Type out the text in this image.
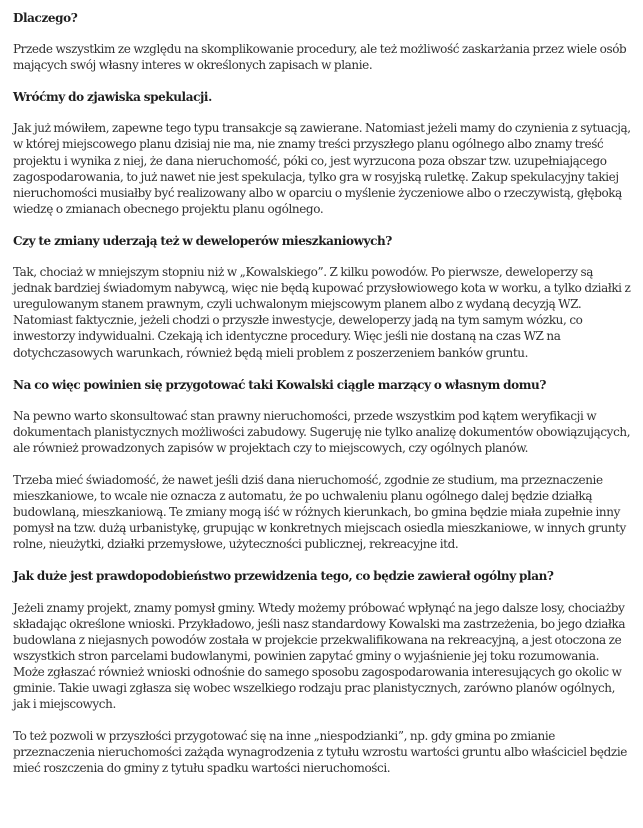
Dlaczego?

Przede wszystkim ze względu na skomplikowanie procedury, ale też możliwość zaskarżania przez wiele osób mających swój własny interes w określonych zapisach w planie.

Wróćmy do zjawiska spekulacji.

Jak już mówiłem, zapewne tego typu transakcje są zawierane. Natomiast jeżeli mamy do czynienia z sytuacją, w której miejscowego planu dzisiaj nie ma, nie znamy treści przyszłego planu ogólnego albo znamy treść projektu i wynika z niej, że dana nieruchomość, póki co, jest wyrzucona poza obszar tzw. uzupełniającego zagospodarowania, to już nawet nie jest spekulacja, tylko gra w rosyjską ruletkę. Zakup spekulacyjny takiej nieruchomości musiałby być realizowany albo w oparciu o myślenie życzeniowe albo o rzeczywistą, głęboką wiedzę o zmianach obecnego projektu planu ogólnego.

Czy te zmiany uderzają też w deweloperów mieszkaniowych?

Tak, chociaż w mniejszym stopniu niż w „Kowalskiego”. Z kilku powodów. Po pierwsze, deweloperzy są jednak bardziej świadomym nabywcą, więc nie będą kupować przysłowiowego kota w worku, a tylko działki z uregulowanym stanem prawnym, czyli uchwalonym miejscowym planem albo z wydaną decyzją WZ. Natomiast faktycznie, jeżeli chodzi o przyszłe inwestycje, deweloperzy jadą na tym samym wózku, co inwestorzy indywidualni. Czekają ich identyczne procedury. Więc jeśli nie dostaną na czas WZ na dotychczasowych warunkach, również będą mieli problem z poszerzeniem banków gruntu.

Na co więc powinien się przygotować taki Kowalski ciągle marzący o własnym domu?

Na pewno warto skonsultować stan prawny nieruchomości, przede wszystkim pod kątem weryfikacji w dokumentach planistycznych możliwości zabudowy. Sugeruję nie tylko analizę dokumentów obowiązujących, ale również prowadzonych zapisów w projektach czy to miejscowych, czy ogólnych planów.

Trzeba mieć świadomość, że nawet jeśli dziś dana nieruchomość, zgodnie ze studium, ma przeznaczenie mieszkaniowe, to wcale nie oznacza z automatu, że po uchwaleniu planu ogólnego dalej będzie działką budowlaną, mieszkaniową. Te zmiany mogą iść w różnych kierunkach, bo gmina będzie miała zupełnie inny pomysł na tzw. dużą urbanistykę, grupując w konkretnych miejscach osiedla mieszkaniowe, w innych grunty rolne, nieużytki, działki przemysłowe, użyteczności publicznej, rekreacyjne itd.

Jak duże jest prawdopodobieństwo przewidzenia tego, co będzie zawierał ogólny plan?

Jeżeli znamy projekt, znamy pomysł gminy. Wtedy możemy próbować wpłynąć na jego dalsze losy, chociażby składając określone wnioski. Przykładowo, jeśli nasz standardowy Kowalski ma zastrzeżenia, bo jego działka budowlana z niejasnych powodów została w projekcie przekwalifikowana na rekreacyjną, a jest otoczona ze wszystkich stron parcelami budowlanymi, powinien zapytać gminy o wyjaśnienie jej toku rozumowania. Może zgłaszać również wnioski odnośnie do samego sposobu zagospodarowania interesujących go okolic w gminie. Takie uwagi zgłasza się wobec wszelkiego rodzaju prac planistycznych, zarówno planów ogólnych, jak i miejscowych.

To też pozwoli w przyszłości przygotować się na inne „niespodzianki”, np. gdy gmina po zmianie przeznaczenia nieruchomości zażąda wynagrodzenia z tytułu wzrostu wartości gruntu albo właściciel będzie mieć roszczenia do gminy z tytułu spadku wartości nieruchomości.
